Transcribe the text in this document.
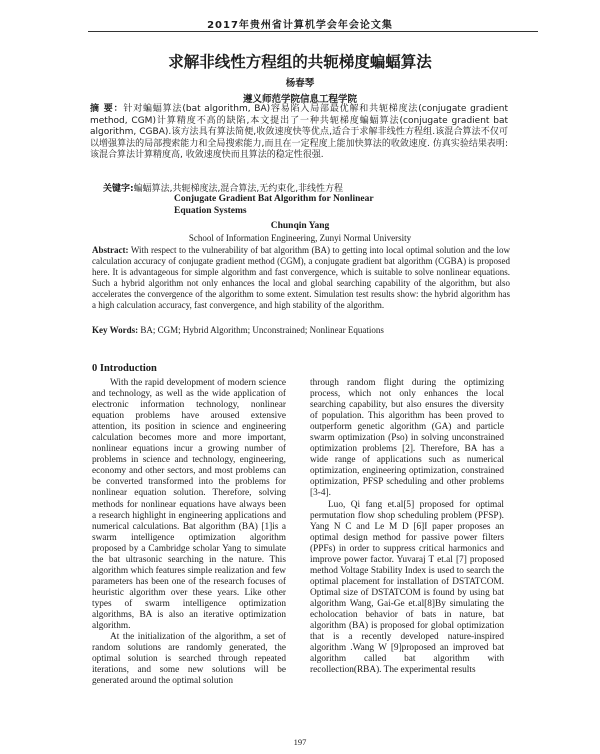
2017年贵州省计算机学会年会论文集
求解非线性方程组的共轭梯度蝙蝠算法
杨春琴
遵义师范学院信息工程学院
摘 要：针对蝙蝠算法(bat algorithm, BA)容易陷入局部最优解和共轭梯度法(conjugate gradient method, CGM)计算精度不高的缺陷,本文提出了一种共轭梯度蝙蝠算法(conjugate gradient bat algorithm, CGBA).该方法具有算法简便,收敛速度快等优点,适合于求解非线性方程组.该混合算法不仅可以增强算法的局部搜索能力和全局搜索能力,而且在一定程度上能加快算法的收敛速度. 仿真实验结果表明:该混合算法计算精度高, 收敛速度快而且算法的稳定性很强.
关键字:蝙蝠算法,共轭梯度法,混合算法,无约束化,非线性方程
Conjugate Gradient Bat Algorithm for Nonlinear
Equation Systems
Chunqin Yang
School of Information Engineering, Zunyi Normal University
Abstract: With respect to the vulnerability of bat algorithm (BA) to getting into local optimal solution and the low calculation accuracy of conjugate gradient method (CGM), a conjugate gradient bat algorithm (CGBA) is proposed here. It is advantageous for simple algorithm and fast convergence, which is suitable to solve nonlinear equations. Such a hybrid algorithm not only enhances the local and global searching capability of the algorithm, but also accelerates the convergence of the algorithm to some extent. Simulation test results show: the hybrid algorithm has a high calculation accuracy, fast convergence, and high stability of the algorithm.
Key Words: BA; CGM; Hybrid Algorithm; Unconstrained; Nonlinear Equations
0 Introduction

With the rapid development of modern science and technology, as well as the wide application of electronic information technology, nonlinear equation problems have aroused extensive attention, its position in science and engineering calculation becomes more and more important, nonlinear equations incur a growing number of problems in science and technology, engineering, economy and other sectors, and most problems can be converted transformed into the problems for nonlinear equation solution. Therefore, solving methods for nonlinear equations have always been a research highlight in engineering applications and numerical calculations. Bat algorithm (BA) [1]is a swarm intelligence optimization algorithm proposed by a Cambridge scholar Yang to simulate the bat ultrasonic searching in the nature. This algorithm which features simple realization and few parameters has been one of the research focuses of heuristic algorithm over these years. Like other types of swarm intelligence optimization algorithms, BA is also an iterative optimization algorithm.

At the initialization of the algorithm, a set of random solutions are randomly generated, the optimal solution is searched through repeated iterations, and some new solutions will be generated around the optimal solution

through random flight during the optimizing process, which not only enhances the local searching capability, but also ensures the diversity of population. This algorithm has been proved to outperform genetic algorithm (GA) and particle swarm optimization (Pso) in solving unconstrained optimization problems [2]. Therefore, BA has a wide range of applications such as numerical optimization, engineering optimization, constrained optimization, PFSP scheduling and other problems [3-4].

Luo, Qi fang et.al[5] proposed for optimal permutation flow shop scheduling problem (PFSP). Yang N C and Le M D [6]I paper proposes an optimal design method for passive power filters (PPFs) in order to suppress critical harmonics and improve power factor. Yuvaraj T et.al [7] proposed method Voltage Stability Index is used to search the optimal placement for installation of DSTATCOM. Optimal size of DSTATCOM is found by using bat algorithm Wang, Gai-Ge et.al[8]By simulating the echolocation behavior of bats in nature, bat algorithm (BA) is proposed for global optimization that is a recently developed nature-inspired algorithm .Wang W [9]proposed an improved bat algorithm called bat algorithm with recollection(RBA). The experimental results

197
